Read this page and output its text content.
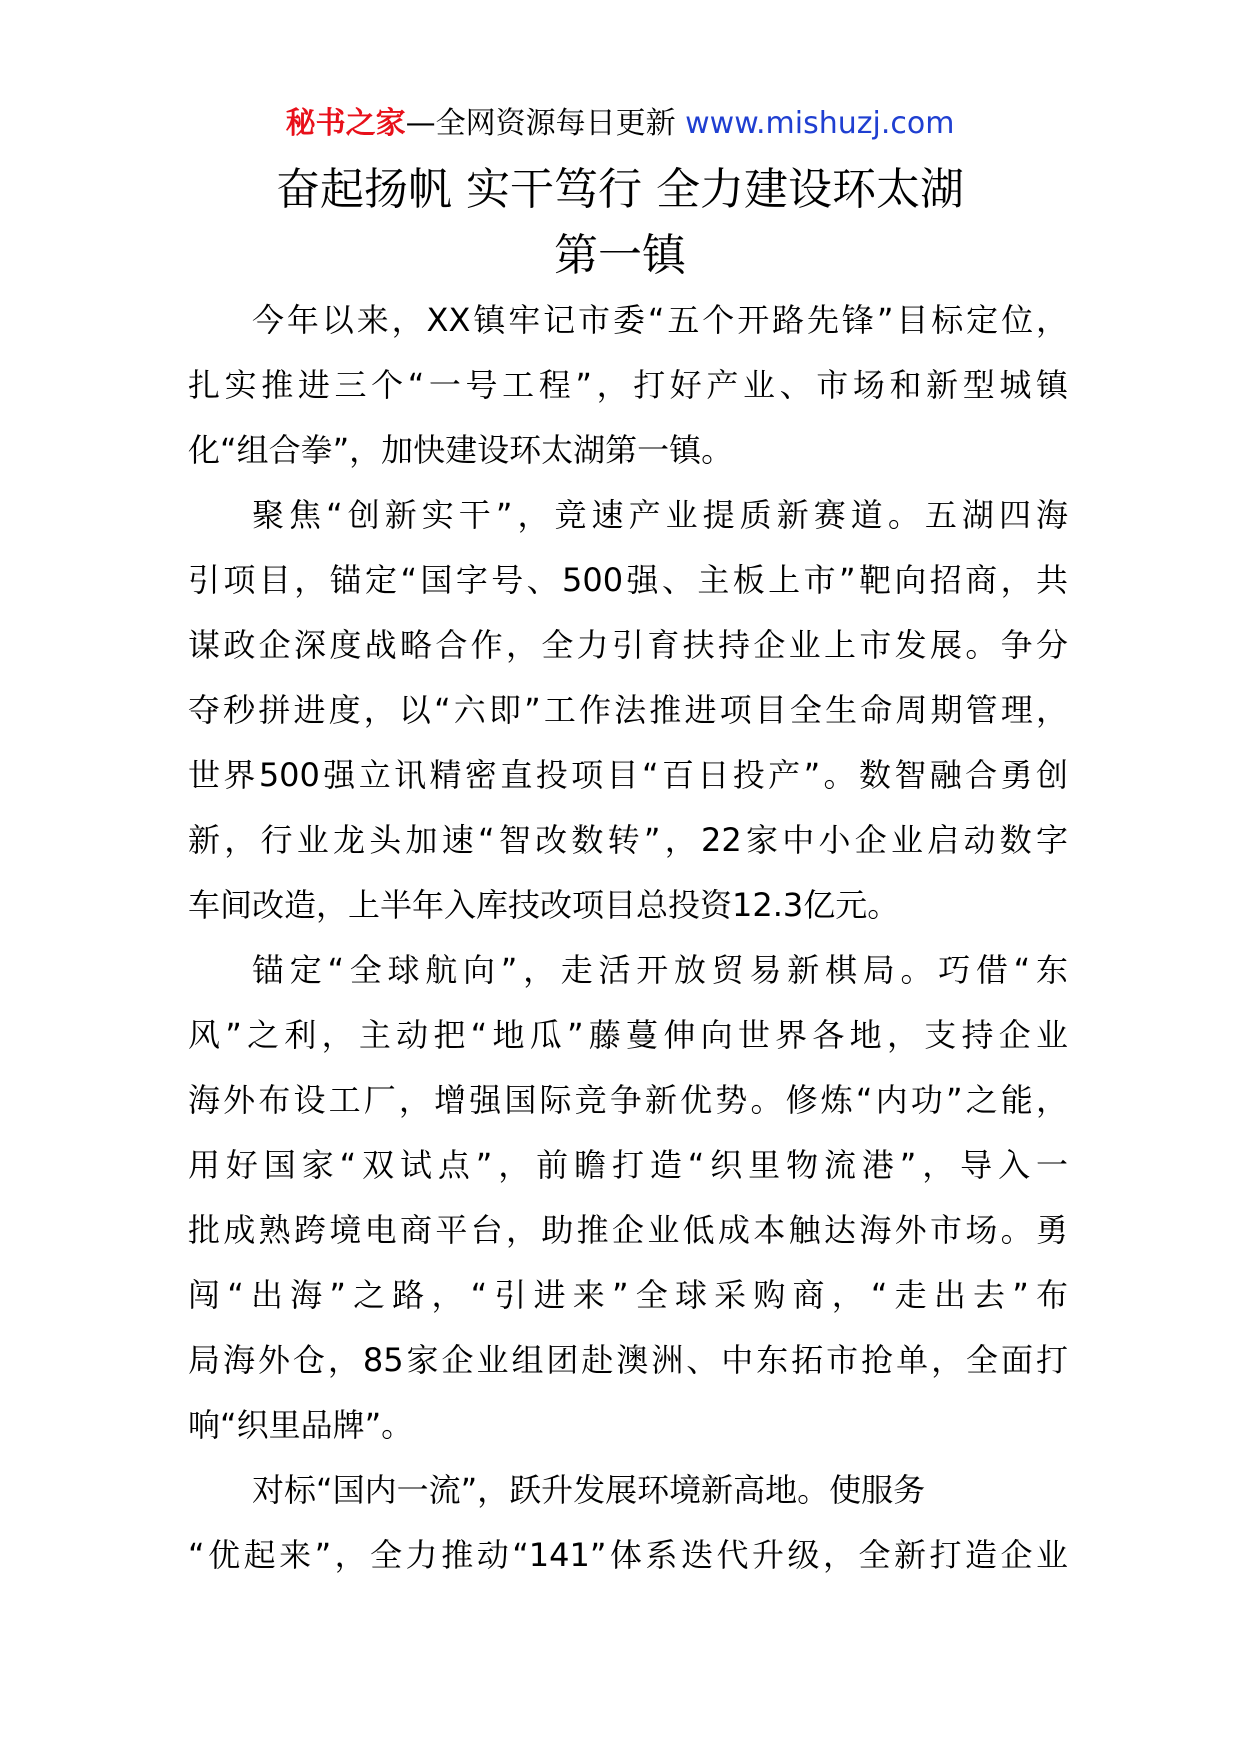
秘书之家—全网资源每日更新 www.mishuzj.com
奋起扬帆 实干笃行 全力建设环太湖
第一镇
今年以来，XX镇牢记市委“五个开路先锋”目标定位，
扎实推进三个“一号工程”，打好产业、市场和新型城镇
化“组合拳”，加快建设环太湖第一镇。
聚焦“创新实干”，竞速产业提质新赛道。五湖四海
引项目，锚定“国字号、500强、主板上市”靶向招商，共
谋政企深度战略合作，全力引育扶持企业上市发展。争分
夺秒拼进度，以“六即”工作法推进项目全生命周期管理，
世界500强立讯精密直投项目“百日投产”。数智融合勇创
新，行业龙头加速“智改数转”，22家中小企业启动数字
车间改造，上半年入库技改项目总投资12.3亿元。
锚定“全球航向”，走活开放贸易新棋局。巧借“东
风”之利，主动把“地瓜”藤蔓伸向世界各地，支持企业
海外布设工厂，增强国际竞争新优势。修炼“内功”之能，
用好国家“双试点”，前瞻打造“织里物流港”，导入一
批成熟跨境电商平台，助推企业低成本触达海外市场。勇
闯“出海”之路，“引进来”全球采购商，“走出去”布
局海外仓，85家企业组团赴澳洲、中东拓市抢单，全面打
响“织里品牌”。
对标“国内一流”，跃升发展环境新高地。使服务
“优起来”，全力推动“141”体系迭代升级，全新打造企业
